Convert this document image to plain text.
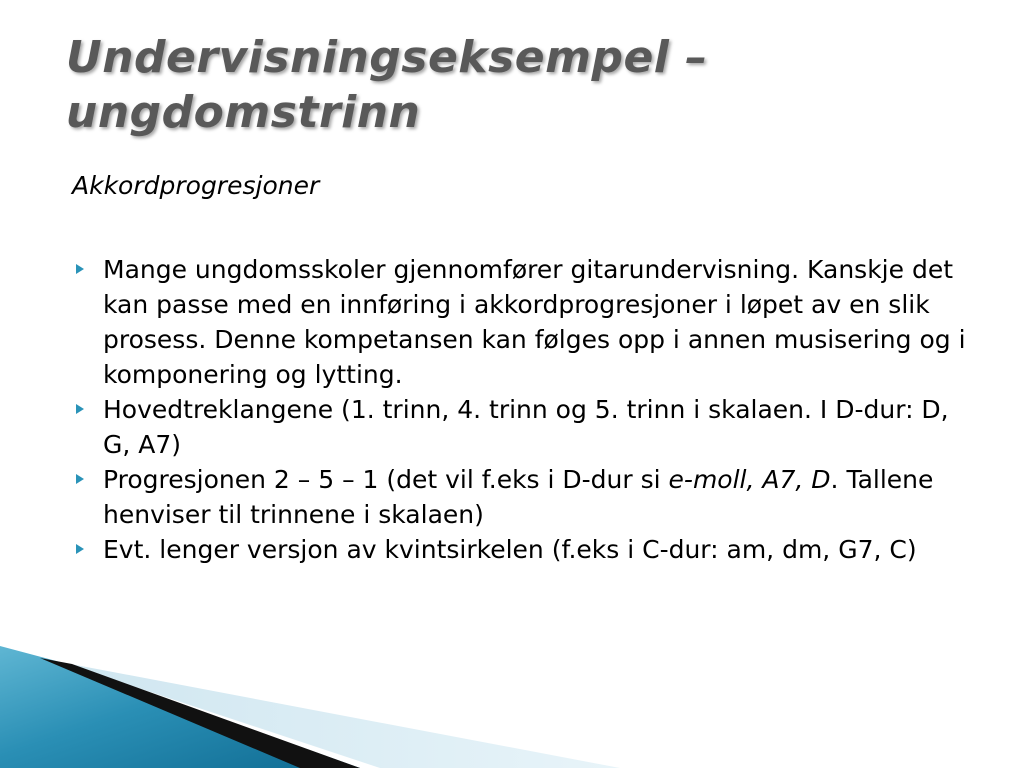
Undervisningseksempel – ungdomstrinn

Akkordprogresjoner

Mange ungdomsskoler gjennomfører gitarundervisning. Kanskje det kan passe med en innføring i akkordprogresjoner i løpet av en slik prosess. Denne kompetansen kan følges opp i annen musisering og i komponering og lytting.
Hovedtreklangene (1. trinn, 4. trinn og 5. trinn i skalaen. I D-dur: D, G, A7)
Progresjonen 2 – 5 – 1 (det vil f.eks i D-dur si e-moll, A7, D. Tallene henviser til trinnene i skalaen)
Evt. lenger versjon av kvintsirkelen (f.eks i C-dur: am, dm, G7, C)
